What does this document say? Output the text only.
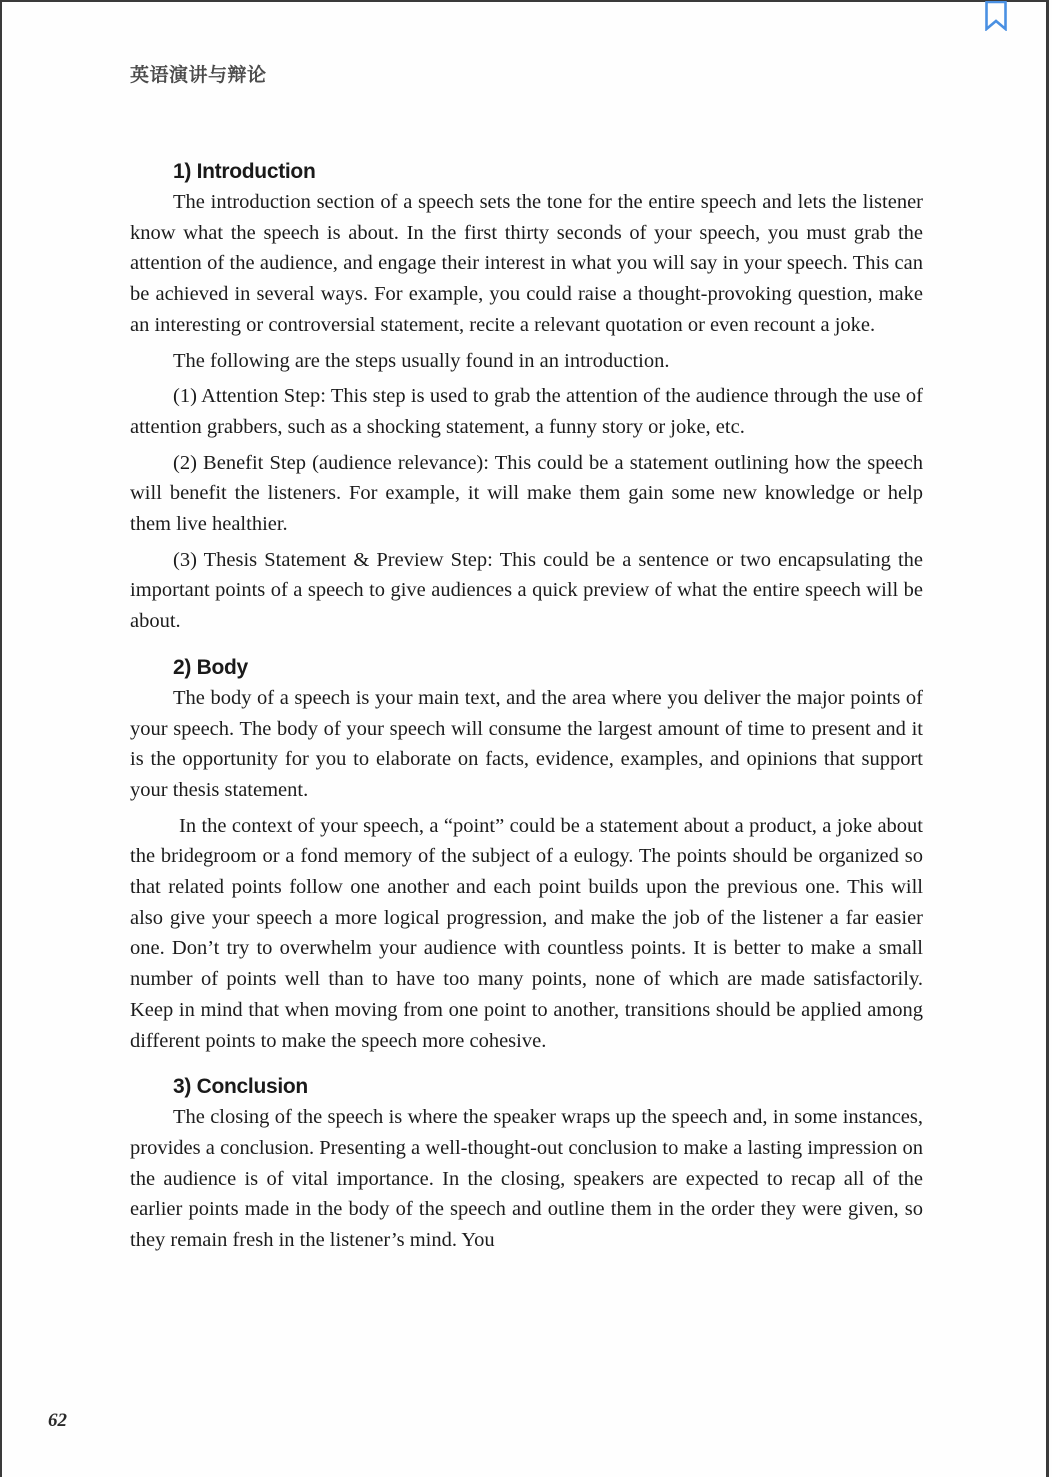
英语演讲与辩论
1) Introduction

The introduction section of a speech sets the tone for the entire speech and lets the listener know what the speech is about. In the first thirty seconds of your speech, you must grab the attention of the audience, and engage their interest in what you will say in your speech. This can be achieved in several ways. For example, you could raise a thought-provoking question, make an interesting or controversial statement, recite a relevant quotation or even recount a joke.

The following are the steps usually found in an introduction.

(1) Attention Step: This step is used to grab the attention of the audience through the use of attention grabbers, such as a shocking statement, a funny story or joke, etc.

(2) Benefit Step (audience relevance): This could be a statement outlining how the speech will benefit the listeners. For example, it will make them gain some new knowledge or help them live healthier.

(3) Thesis Statement & Preview Step: This could be a sentence or two encapsulating the important points of a speech to give audiences a quick preview of what the entire speech will be about.

2) Body

The body of a speech is your main text, and the area where you deliver the major points of your speech. The body of your speech will consume the largest amount of time to present and it is the opportunity for you to elaborate on facts, evidence, examples, and opinions that support your thesis statement.

In the context of your speech, a “point” could be a statement about a product, a joke about the bridegroom or a fond memory of the subject of a eulogy. The points should be organized so that related points follow one another and each point builds upon the previous one. This will also give your speech a more logical progression, and make the job of the listener a far easier one. Don’t try to overwhelm your audience with countless points. It is better to make a small number of points well than to have too many points, none of which are made satisfactorily. Keep in mind that when moving from one point to another, transitions should be applied among different points to make the speech more cohesive.

3) Conclusion

The closing of the speech is where the speaker wraps up the speech and, in some instances, provides a conclusion. Presenting a well-thought-out conclusion to make a lasting impression on the audience is of vital importance. In the closing, speakers are expected to recap all of the earlier points made in the body of the speech and outline them in the order they were given, so they remain fresh in the listener’s mind. You

62
